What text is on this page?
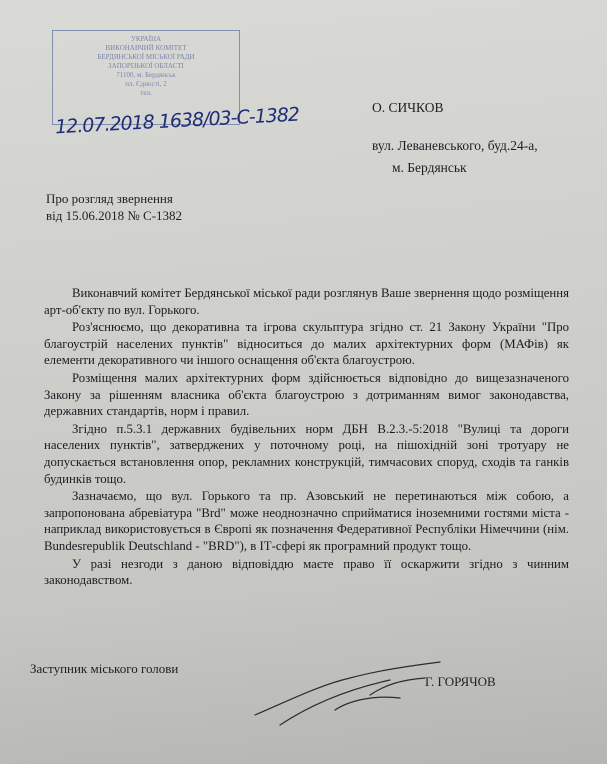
УКРАЇНА
ВИКОНАВЧИЙ КОМІТЕТ
БЕРДЯНСЬКОЇ МІСЬКОЇ РАДИ
ЗАПОРІЗЬКОЇ ОБЛАСТІ
71100, м. Бердянськ
пл. Єдності, 2
тел.
12.07.2018 1638/03-С-1382	О. СИЧКОВ
вул. Леваневського, буд.24-а,
м. Бердянськ
Про розгляд звернення
від 15.06.2018 № С-1382

Виконавчий комітет Бердянської міської ради розглянув Ваше звернення щодо розміщення арт-об'єкту по вул. Горького.

Роз'яснюємо, що декоративна та ігрова скульптура згідно ст. 21 Закону України "Про благоустрій населених пунктів" відноситься до малих архітектурних форм (МАФів) як елементи декоративного чи іншого оснащення об'єкта благоустрою.

Розміщення малих архітектурних форм здійснюється відповідно до вищезазначеного Закону за рішенням власника об'єкта благоустрою з дотриманням вимог законодавства, державних стандартів, норм і правил.

Згідно п.5.3.1 державних будівельних норм ДБН В.2.3.-5:2018 "Вулиці та дороги населених пунктів", затверджених у поточному році, на пішохідній зоні тротуару не допускається встановлення опор, рекламних конструкцій, тимчасових споруд, сходів та ганків будинків тощо.

Зазначаємо, що вул. Горького та пр. Азовський не перетинаються між собою, а запропонована абревіатура "Brd" може неоднозначно сприйматися іноземними гостями міста - наприклад використовується в Європі як позначення Федеративної Республіки Німеччини (нім. Bundesrepublik Deutschland - "BRD"), в ІТ-сфері як програмний продукт тощо.

У разі незгоди з даною відповіддю маєте право її оскаржити згідно з чинним законодавством.

Заступник міського голови
Г. ГОРЯЧОВ
